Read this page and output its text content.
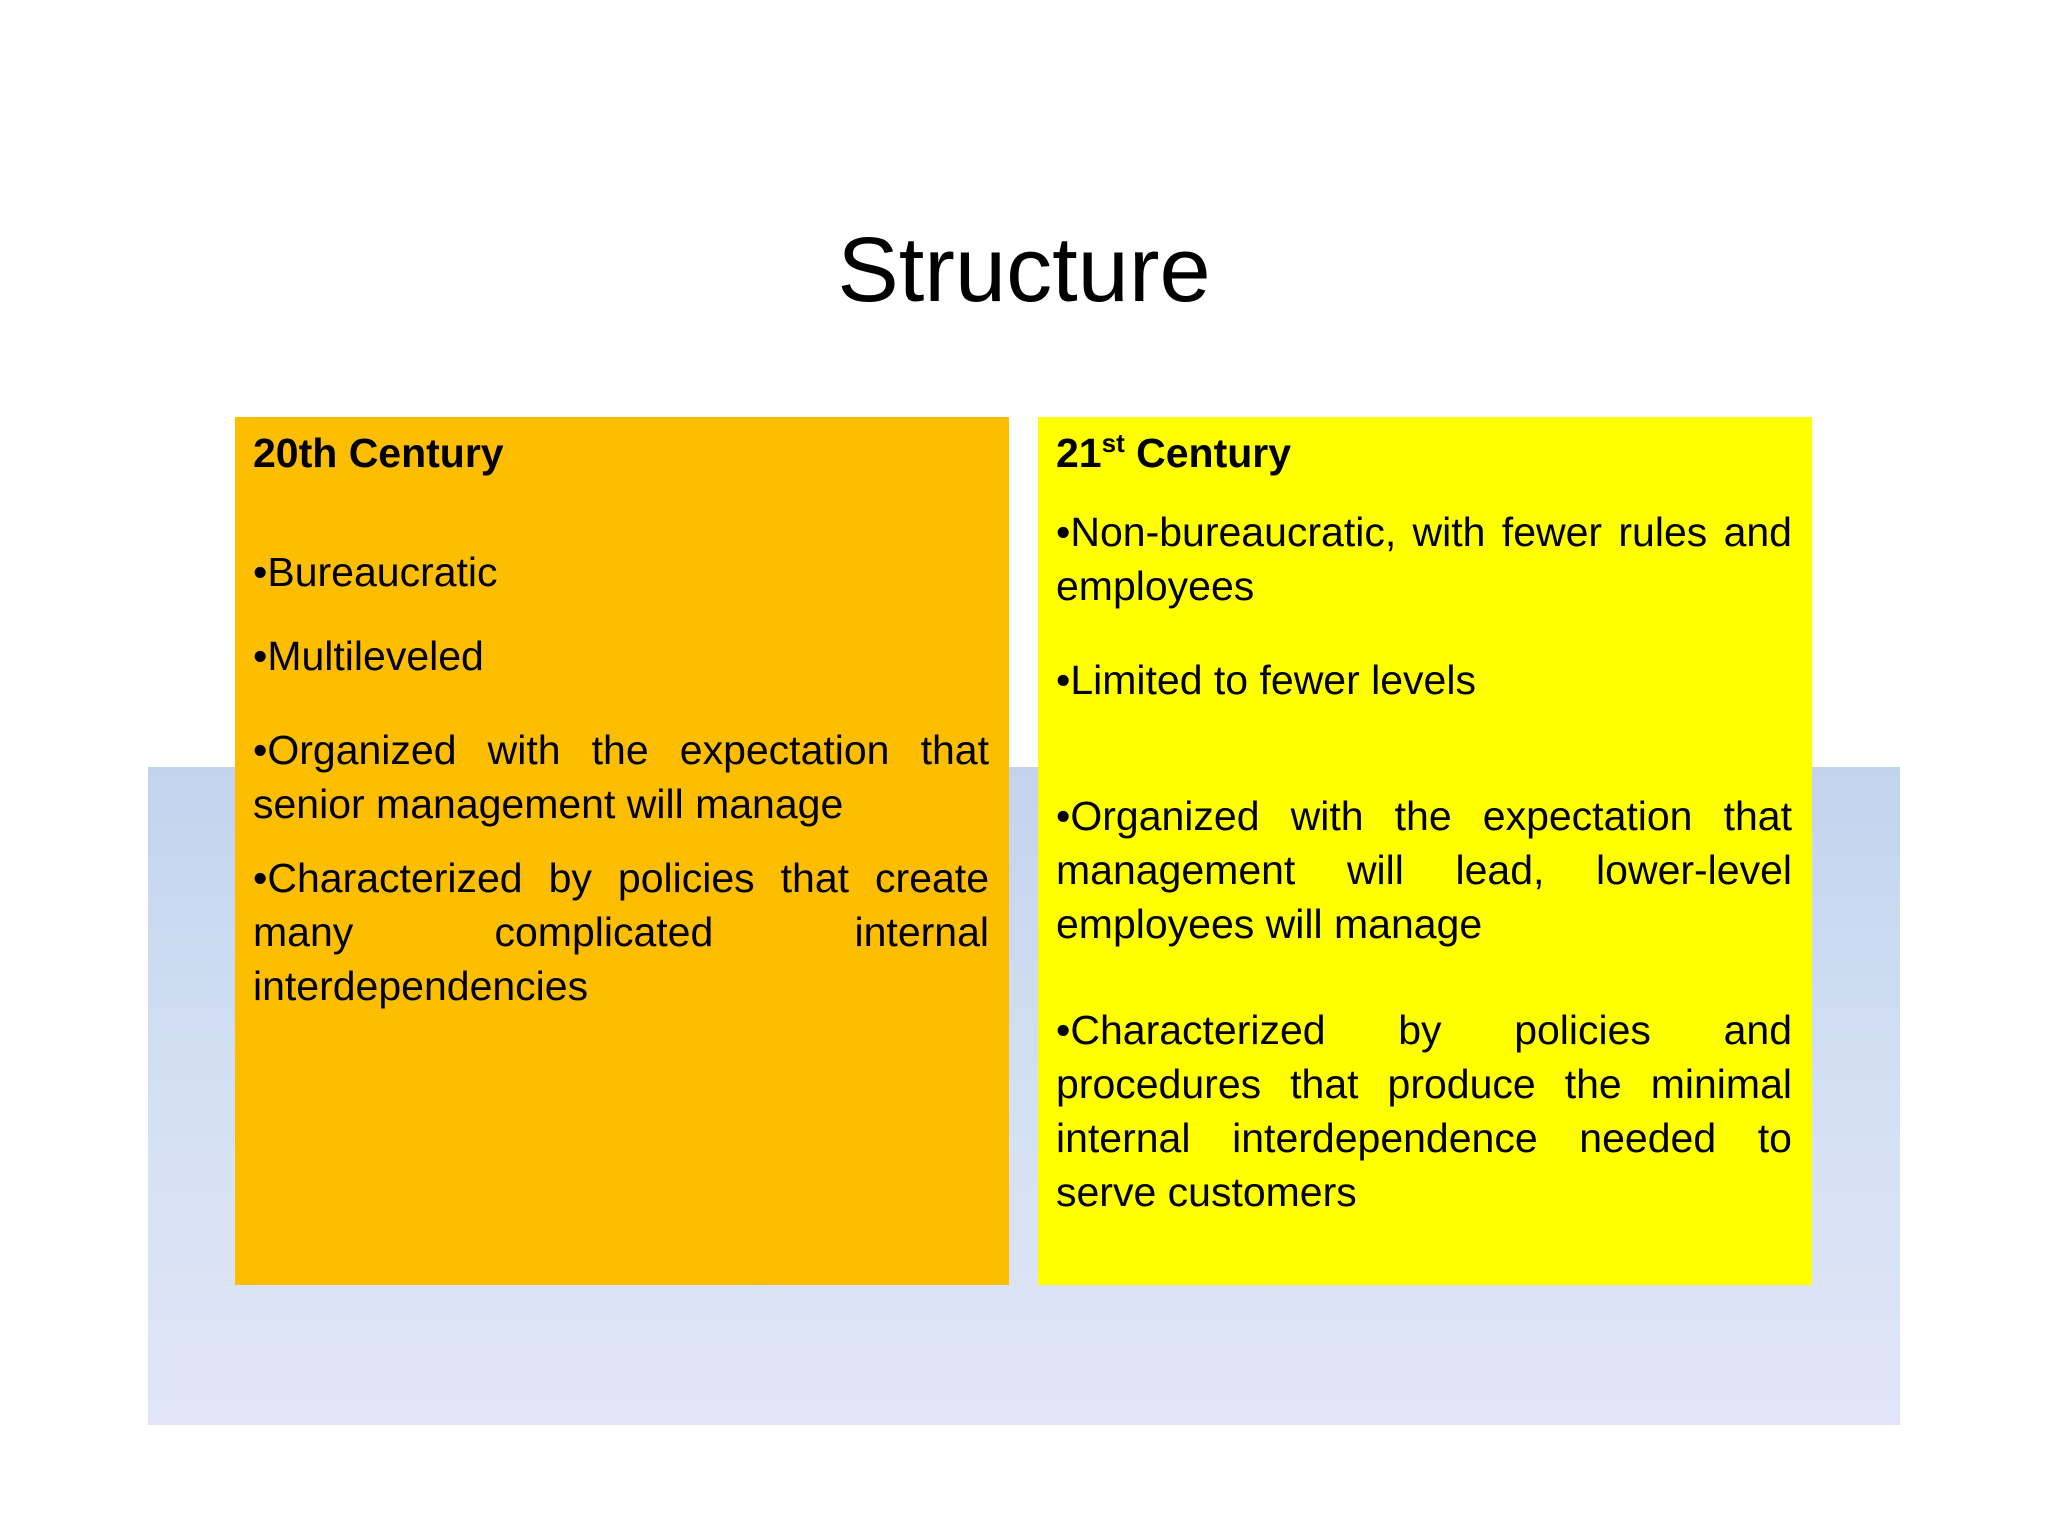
Structure

20th Century

•Bureaucratic

•Multileveled

•Organized with the expectation that senior management will manage

•Characterized by policies that create many complicated internal interdependencies

21st Century

•Non-bureaucratic, with fewer rules and employees

•Limited to fewer levels

•Organized with the expectation that management will lead, lower-level employees will manage

•Characterized by policies and procedures that produce the minimal internal interdependence needed to serve customers
